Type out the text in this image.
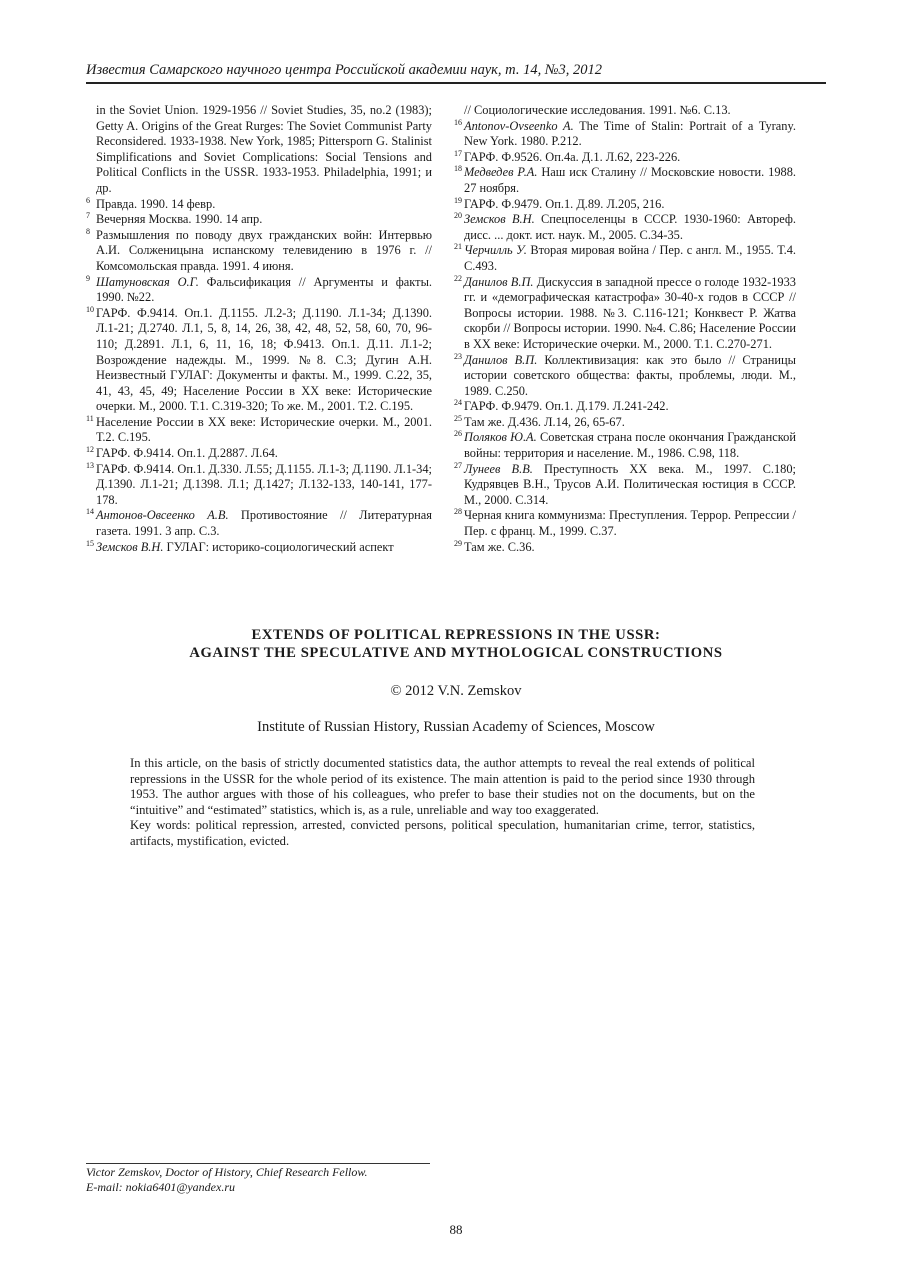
Известия Самарского научного центра Российской академии наук, т. 14, №3, 2012

in the Soviet Union. 1929-1956 // Soviet Studies, 35, no.2 (1983); Getty A. Origins of the Great Rurges: The Soviet Communist Party Reconsidered. 1933-1938. New York, 1985; Pittersporn G. Stalinist Simplifications and Soviet Complications: Social Tensions and Political Conflicts in the USSR. 1933-1953. Philadelphia, 1991; и др.

6 Правда. 1990. 14 февр.

7 Вечерняя Москва. 1990. 14 апр.

8 Размышления по поводу двух гражданских войн: Интервью А.И. Солженицына испанскому телевидению в 1976 г. // Комсомольская правда. 1991. 4 июня.

9 Шатуновская О.Г. Фальсификация // Аргументы и факты. 1990. №22.

10 ГАРФ. Ф.9414. Оп.1. Д.1155. Л.2-3; Д.1190. Л.1-34; Д.1390. Л.1-21; Д.2740. Л.1, 5, 8, 14, 26, 38, 42, 48, 52, 58, 60, 70, 96-110; Д.2891. Л.1, 6, 11, 16, 18; Ф.9413. Оп.1. Д.11. Л.1-2; Возрождение надежды. М., 1999. №8. С.3; Дугин А.Н. Неизвестный ГУЛАГ: Документы и факты. М., 1999. С.22, 35, 41, 43, 45, 49; Население России в XX веке: Исторические очерки. М., 2000. Т.1. С.319-320; То же. М., 2001. Т.2. С.195.

11 Население России в XX веке: Исторические очерки. М., 2001. Т.2. С.195.

12 ГАРФ. Ф.9414. Оп.1. Д.2887. Л.64.

13 ГАРФ. Ф.9414. Оп.1. Д.330. Л.55; Д.1155. Л.1-3; Д.1190. Л.1-34; Д.1390. Л.1-21; Д.1398. Л.1; Д.1427; Л.132-133, 140-141, 177-178.

14 Антонов-Овсеенко А.В. Противостояние // Литературная газета. 1991. 3 апр. С.3.

15 Земсков В.Н. ГУЛАГ: историко-социологический аспект

// Социологические исследования. 1991. №6. С.13.

16 Antonov-Ovseenko A. The Time of Stalin: Portrait of a Tyrany. New York. 1980. P.212.

17 ГАРФ. Ф.9526. Оп.4а. Д.1. Л.62, 223-226.

18 Медведев Р.А. Наш иск Сталину // Московские новости. 1988. 27 ноября.

19 ГАРФ. Ф.9479. Оп.1. Д.89. Л.205, 216.

20 Земсков В.Н. Спецпоселенцы в СССР. 1930-1960: Автореф. дисс. ... докт. ист. наук. М., 2005. С.34-35.

21 Черчилль У. Вторая мировая война / Пер. с англ. М., 1955. Т.4. С.493.

22 Данилов В.П. Дискуссия в западной прессе о голоде 1932-1933 гг. и «демографическая катастрофа» 30-40-х годов в СССР // Вопросы истории. 1988. №3. С.116-121; Конквест Р. Жатва скорби // Вопросы истории. 1990. №4. С.86; Население России в XX веке: Исторические очерки. М., 2000. Т.1. С.270-271.

23 Данилов В.П. Коллективизация: как это было // Страницы истории советского общества: факты, проблемы, люди. М., 1989. С.250.

24 ГАРФ. Ф.9479. Оп.1. Д.179. Л.241-242.

25 Там же. Д.436. Л.14, 26, 65-67.

26 Поляков Ю.А. Советская страна после окончания Гражданской войны: территория и население. М., 1986. С.98, 118.

27 Лунеев В.В. Преступность XX века. М., 1997. С.180; Кудрявцев В.Н., Трусов А.И. Политическая юстиция в СССР. М., 2000. С.314.

28 Черная книга коммунизма: Преступления. Террор. Репрессии / Пер. с франц. М., 1999. С.37.

29 Там же. С.36.

EXTENDS OF POLITICAL REPRESSIONS IN THE USSR:
AGAINST THE SPECULATIVE AND MYTHOLOGICAL CONSTRUCTIONS
© 2012 V.N. Zemskov
Institute of Russian History, Russian Academy of Sciences, Moscow

In this article, on the basis of strictly documented statistics data, the author attempts to reveal the real extends of political repressions in the USSR for the whole period of its existence. The main attention is paid to the period since 1930 through 1953. The author argues with those of his colleagues, who prefer to base their studies not on the documents, but on the “intuitive” and “estimated” statistics, which is, as a rule, unreliable and way too exaggerated.

Key words: political repression, arrested, convicted persons, political speculation, humanitarian crime, terror, statistics, artifacts, mystification, evicted.

Victor Zemskov, Doctor of History, Chief Research Fellow.
E-mail: nokia6401@yandex.ru
88
